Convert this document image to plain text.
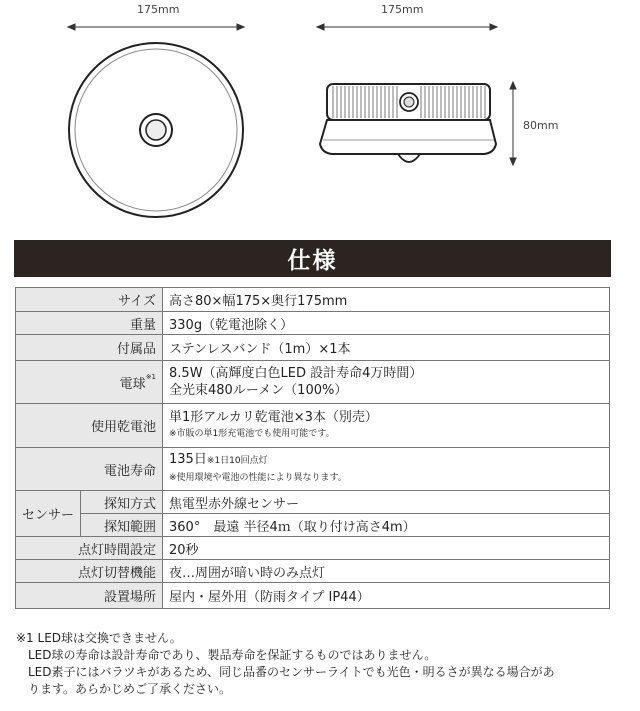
175mm	175mm
80mm
仕様
サイズ		高さ80×幅175×奥行175mm
重量		330g（乾電池除く）
付属品		ステンレスバンド（1m）×1本
電球$^{※1}$		8.5W（高輝度白色LED 設計寿命4万時間）
全光束480ルーメン（100%）

使用乾電池		単1形アルカリ乾電池×3本（別売）
※市販の単1形充電池でも使用可能です。

電池寿命		135日※1日10回点灯
※使用環境や電池の性能により異なります。

センサー	探知方式	焦電型赤外線センサー
	探知範囲	360°　最遠 半径4ｍ（取り付け高さ4m）
点灯時間設定		20秒
点灯切替機能		夜…周囲が暗い時のみ点灯
設置場所		屋内・屋外用（防雨タイプ IP44）

※1 LED球は交換できません。

LED球の寿命は設計寿命であり、製品寿命を保証するものではありません。

LED素子にはバラツキがあるため、同じ品番のセンサーライトでも光色・明るさが異なる場合があ

ります。あらかじめご了承ください。
